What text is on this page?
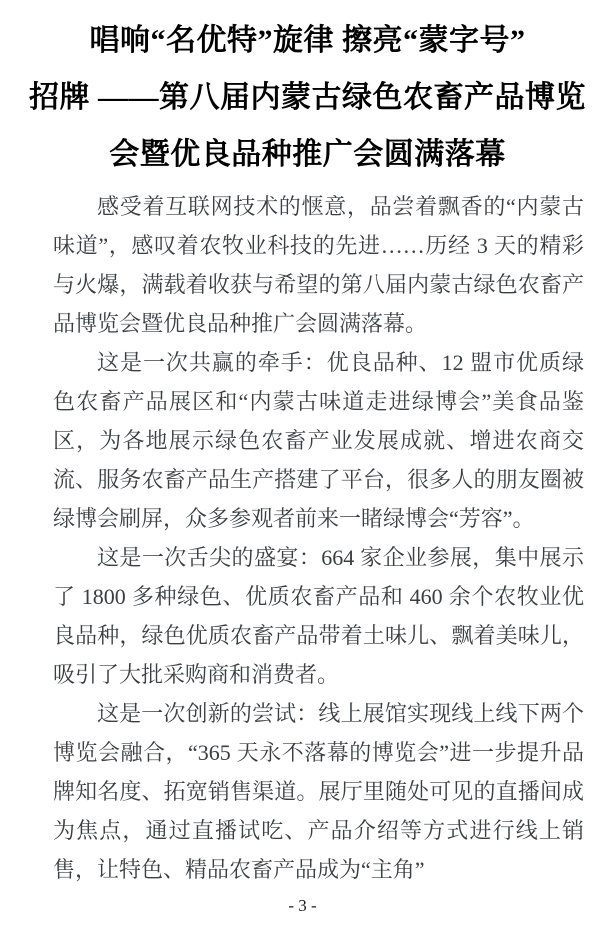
唱响“名优特”旋律 擦亮“蒙字号”
招牌 ——第八届内蒙古绿色农畜产品博览
会暨优良品种推广会圆满落幕

感受着互联网技术的惬意，品尝着飘香的“内蒙古味道”，感叹着农牧业科技的先进……历经 3 天的精彩与火爆，满载着收获与希望的第八届内蒙古绿色农畜产品博览会暨优良品种推广会圆满落幕。

这是一次共赢的牵手：优良品种、12 盟市优质绿色农畜产品展区和“内蒙古味道走进绿博会”美食品鉴区，为各地展示绿色农畜产业发展成就、增进农商交流、服务农畜产品生产搭建了平台，很多人的朋友圈被绿博会刷屏，众多参观者前来一睹绿博会“芳容”。

这是一次舌尖的盛宴：664 家企业参展，集中展示了 1800 多种绿色、优质农畜产品和 460 余个农牧业优良品种，绿色优质农畜产品带着土味儿、飘着美味儿，吸引了大批采购商和消费者。

这是一次创新的尝试：线上展馆实现线上线下两个博览会融合，“365 天永不落幕的博览会”进一步提升品牌知名度、拓宽销售渠道。展厅里随处可见的直播间成为焦点，通过直播试吃、产品介绍等方式进行线上销售，让特色、精品农畜产品成为“主角”

- 3 -
